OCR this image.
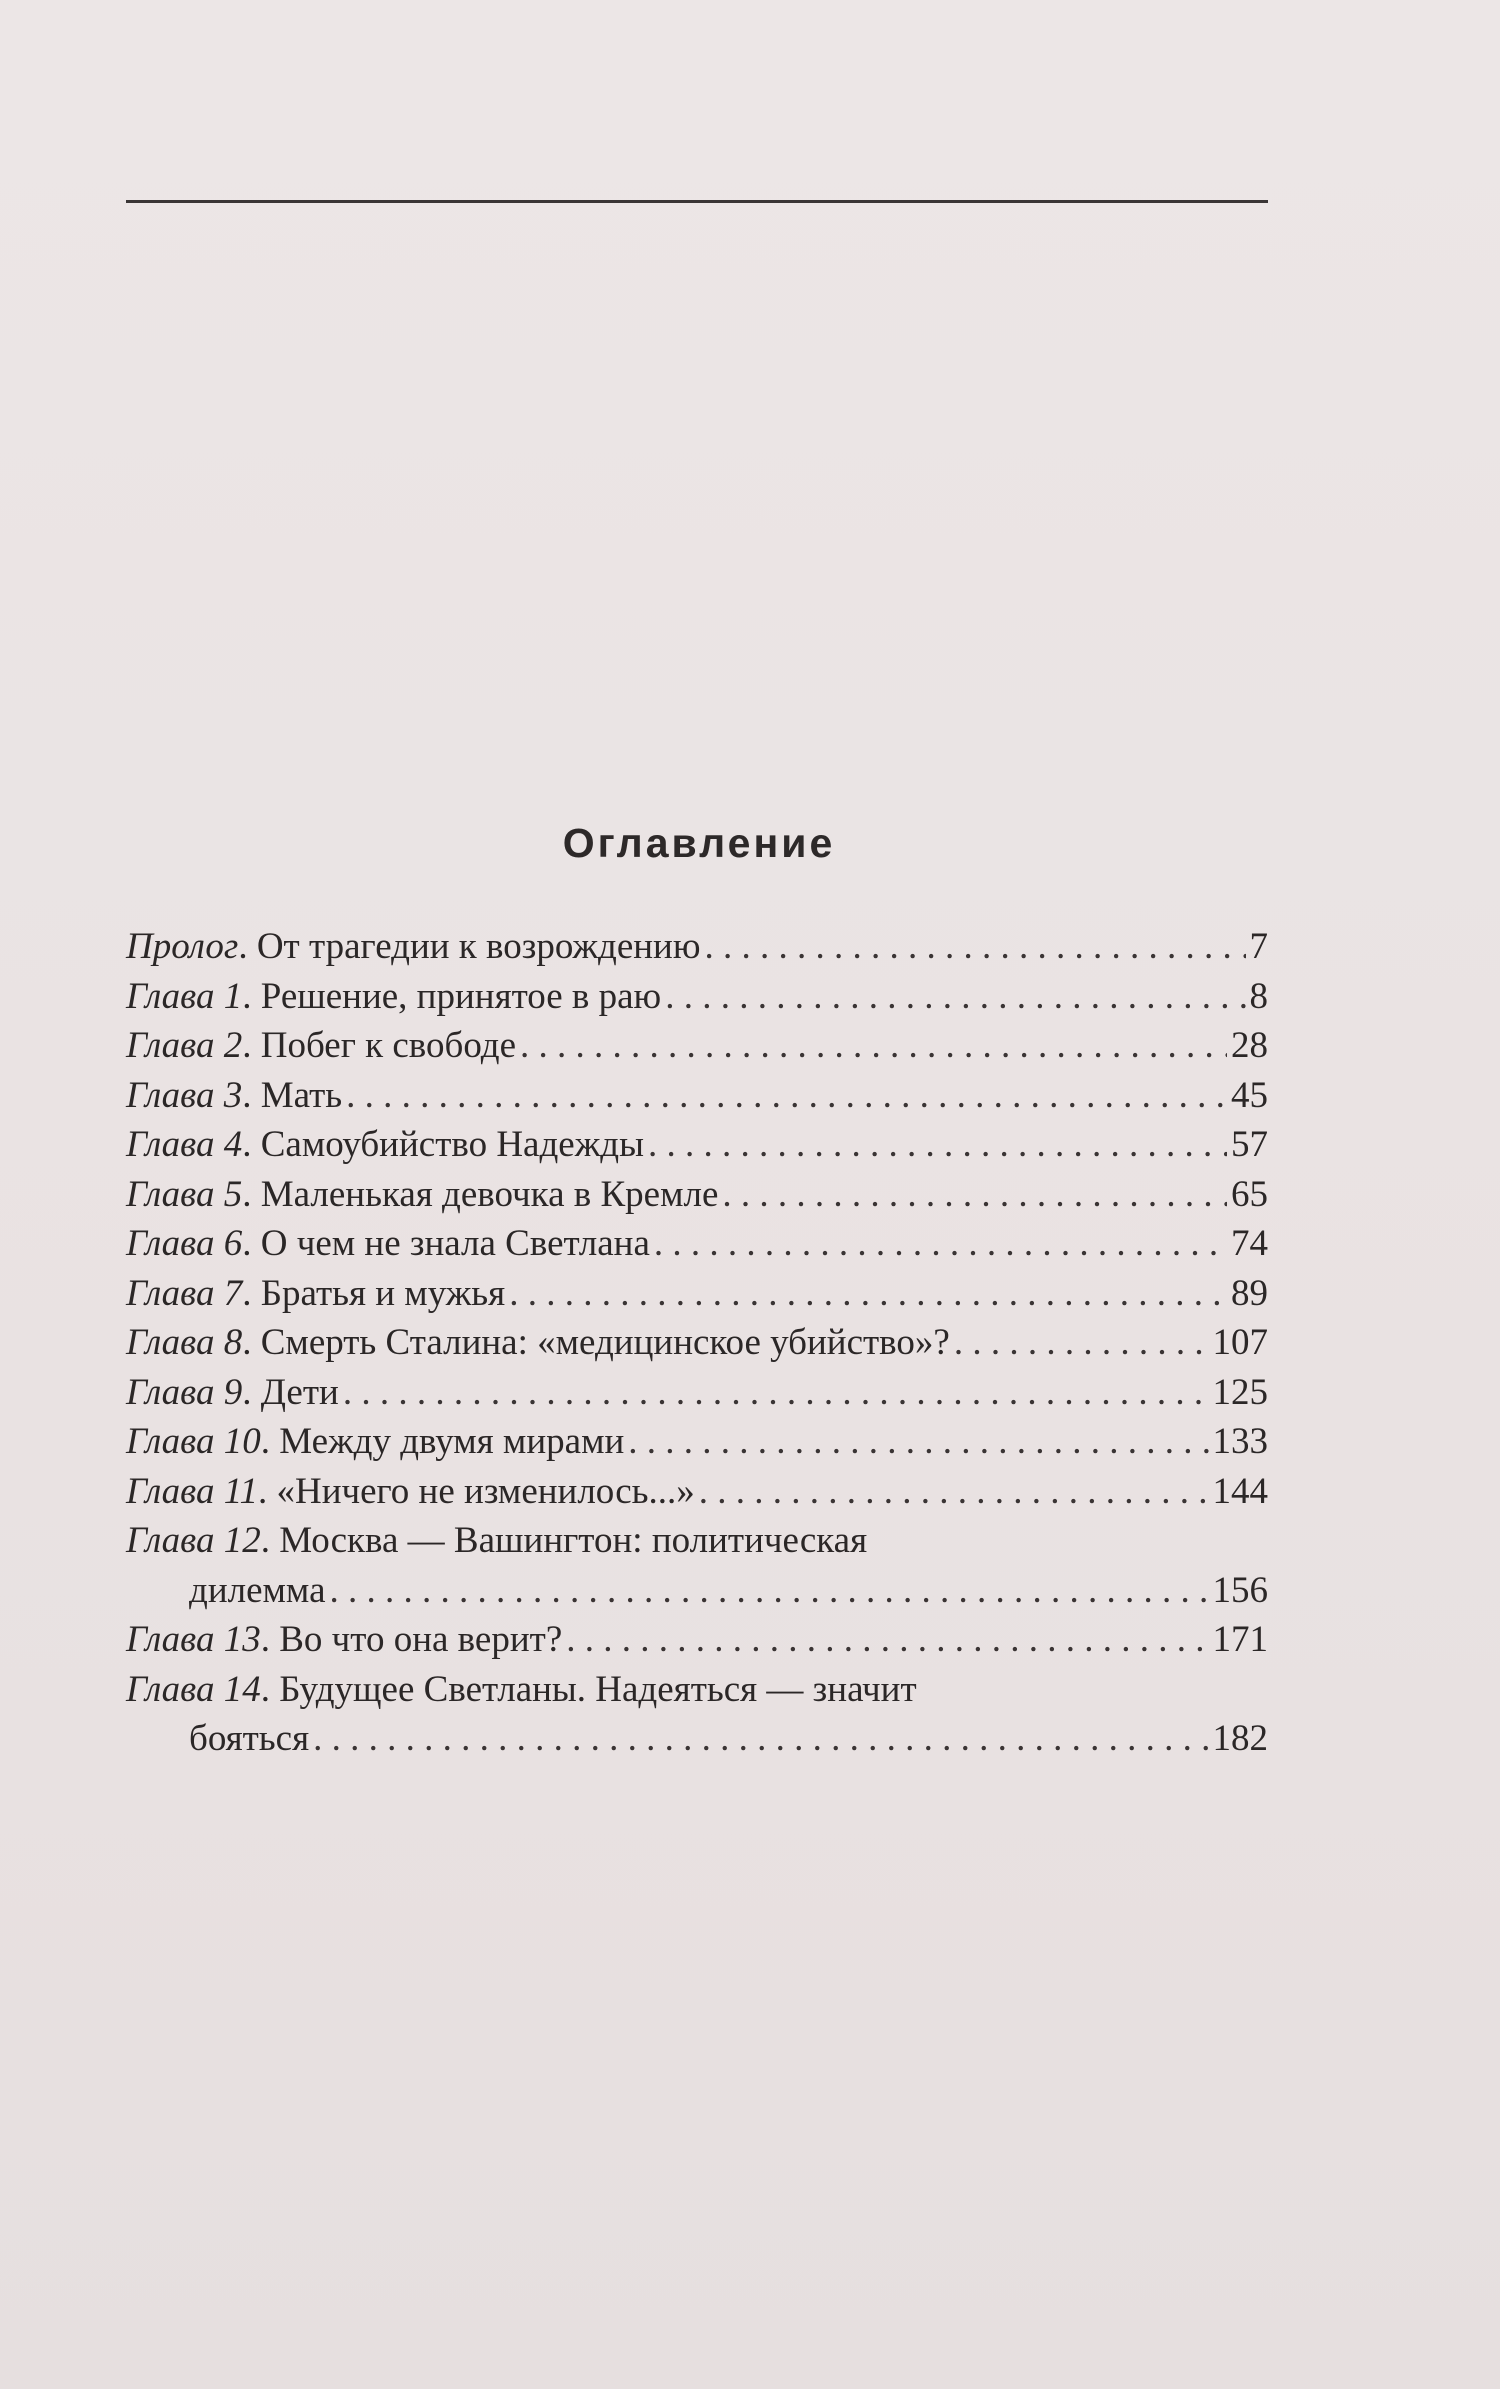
Оглавление
Пролог . От трагедии к возрождению . . .	7
Глава 1 . Решение, принятое в раю . . .	8
Глава 2 . Побег к свободе . . .	28
Глава 3 . Мать . . .	45
Глава 4 . Самоубийство Надежды . . .	57
Глава 5 . Маленькая девочка в Кремле . . .	65
Глава 6 . О чем не знала Светлана . . .	74
Глава 7 . Братья и мужья . . .	89
Глава 8 . Смерть Сталина: «медицинское убийство»? . . .	107
Глава 9 . Дети . . .	125
Глава 10 . Между двумя мирами . . .	133
Глава 11 . «Ничего не изменилось...» . . .	144
Глава 12 . Москва — Вашингтон: политическая
дилемма . . .	156
Глава 13 . Во что она верит? . . .	171
Глава 14 . Будущее Светланы. Надеяться — значит
бояться . . .	182
